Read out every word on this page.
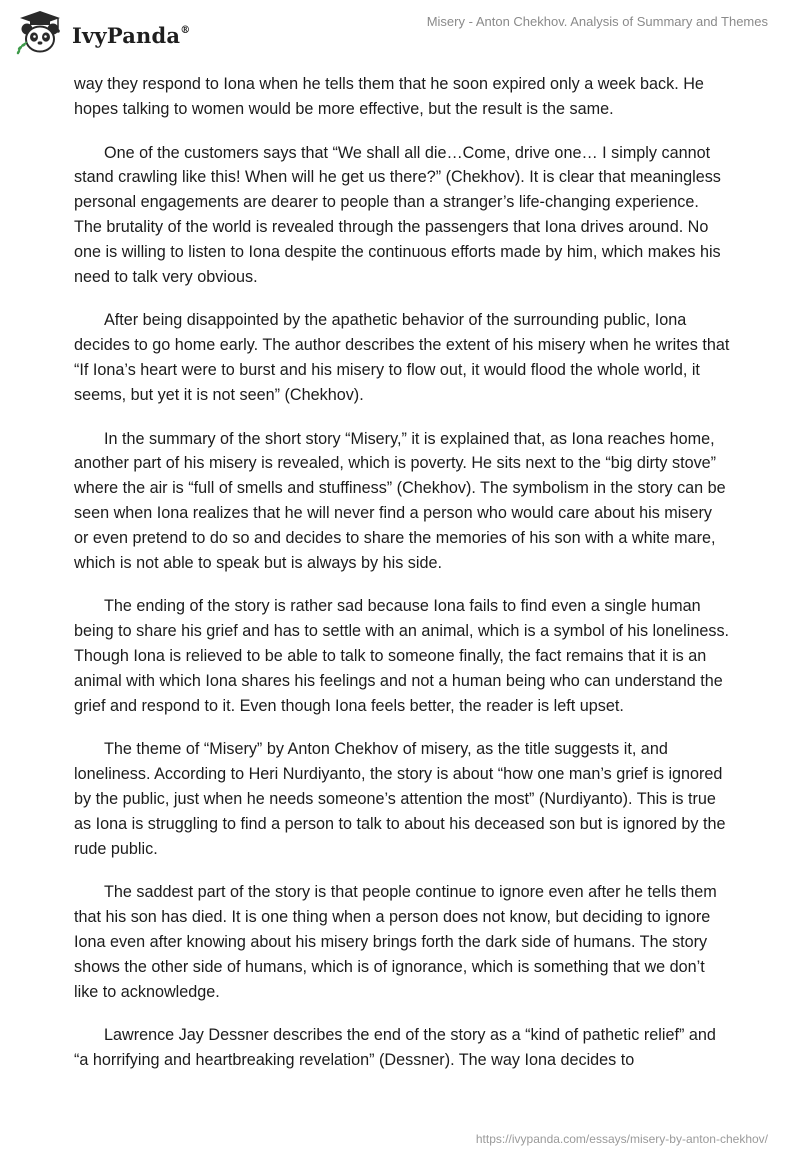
IvyPanda®
Misery - Anton Chekhov. Analysis of Summary and Themes

way they respond to Iona when he tells them that he soon expired only a week back. He hopes talking to women would be more effective, but the result is the same.

One of the customers says that “We shall all die…Come, drive one… I simply cannot stand crawling like this! When will he get us there?” (Chekhov). It is clear that meaningless personal engagements are dearer to people than a stranger’s life-changing experience. The brutality of the world is revealed through the passengers that Iona drives around. No one is willing to listen to Iona despite the continuous efforts made by him, which makes his need to talk very obvious.

After being disappointed by the apathetic behavior of the surrounding public, Iona decides to go home early. The author describes the extent of his misery when he writes that “If Iona’s heart were to burst and his misery to flow out, it would flood the whole world, it seems, but yet it is not seen” (Chekhov).

In the summary of the short story “Misery,” it is explained that, as Iona reaches home, another part of his misery is revealed, which is poverty. He sits next to the “big dirty stove” where the air is “full of smells and stuffiness” (Chekhov). The symbolism in the story can be seen when Iona realizes that he will never find a person who would care about his misery or even pretend to do so and decides to share the memories of his son with a white mare, which is not able to speak but is always by his side.

The ending of the story is rather sad because Iona fails to find even a single human being to share his grief and has to settle with an animal, which is a symbol of his loneliness. Though Iona is relieved to be able to talk to someone finally, the fact remains that it is an animal with which Iona shares his feelings and not a human being who can understand the grief and respond to it. Even though Iona feels better, the reader is left upset.

The theme of “Misery” by Anton Chekhov of misery, as the title suggests it, and loneliness. According to Heri Nurdiyanto, the story is about “how one man’s grief is ignored by the public, just when he needs someone’s attention the most” (Nurdiyanto). This is true as Iona is struggling to find a person to talk to about his deceased son but is ignored by the rude public.

The saddest part of the story is that people continue to ignore even after he tells them that his son has died. It is one thing when a person does not know, but deciding to ignore Iona even after knowing about his misery brings forth the dark side of humans. The story shows the other side of humans, which is of ignorance, which is something that we don’t like to acknowledge.

Lawrence Jay Dessner describes the end of the story as a “kind of pathetic relief” and “a horrifying and heartbreaking revelation” (Dessner). The way Iona decides to

https://ivypanda.com/essays/misery-by-anton-chekhov/
